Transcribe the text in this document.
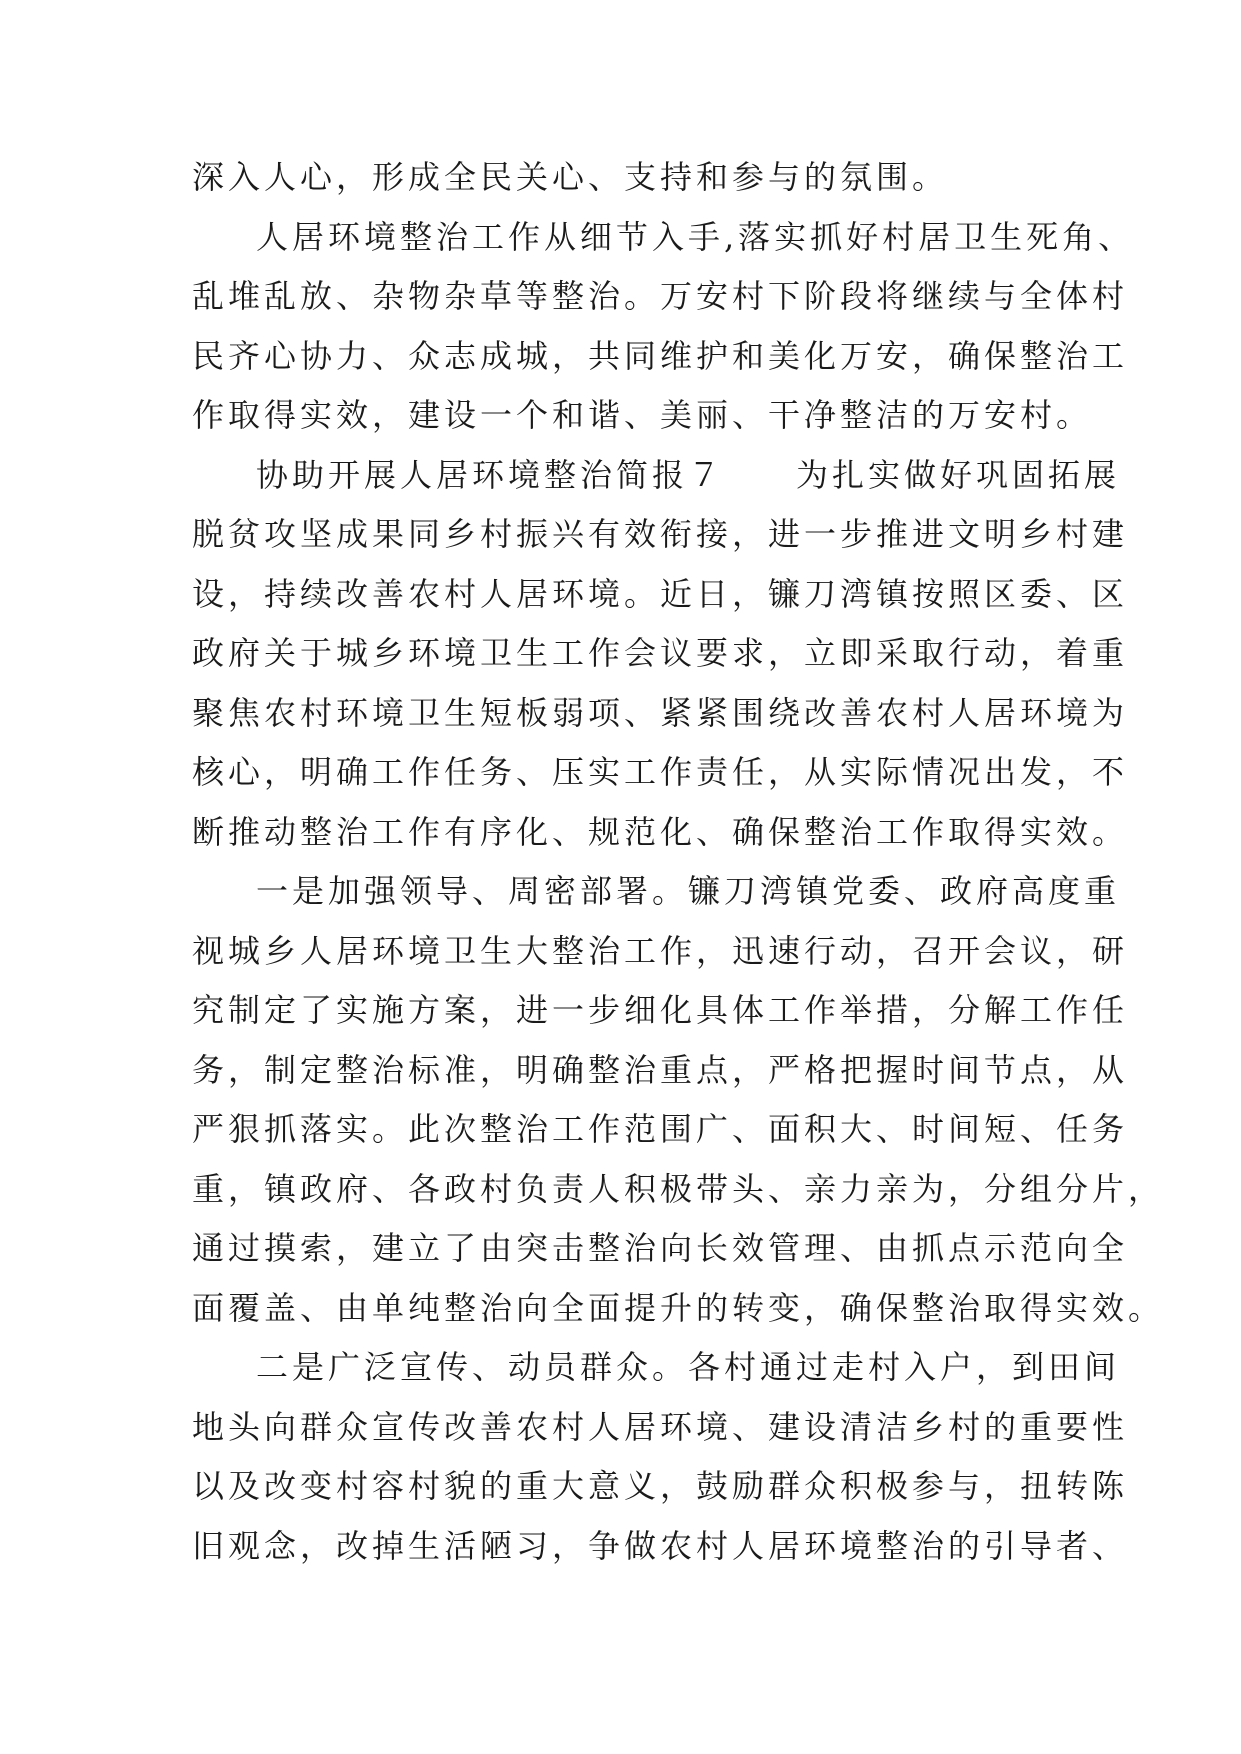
深入人心，形成全民关心、支持和参与的氛围。
人居环境整治工作从细节入手,落实抓好村居卫生死角、
乱堆乱放、杂物杂草等整治。万安村下阶段将继续与全体村
民齐心协力、众志成城，共同维护和美化万安，确保整治工
作取得实效，建设一个和谐、美丽、干净整洁的万安村。
协助开展人居环境整治简报７　　为扎实做好巩固拓展
脱贫攻坚成果同乡村振兴有效衔接，进一步推进文明乡村建
设，持续改善农村人居环境。近日，镰刀湾镇按照区委、区
政府关于城乡环境卫生工作会议要求，立即采取行动，着重
聚焦农村环境卫生短板弱项、紧紧围绕改善农村人居环境为
核心，明确工作任务、压实工作责任，从实际情况出发，不
断推动整治工作有序化、规范化、确保整治工作取得实效。
一是加强领导、周密部署。镰刀湾镇党委、政府高度重
视城乡人居环境卫生大整治工作，迅速行动，召开会议，研
究制定了实施方案，进一步细化具体工作举措，分解工作任
务，制定整治标准，明确整治重点，严格把握时间节点，从
严狠抓落实。此次整治工作范围广、面积大、时间短、任务
重，镇政府、各政村负责人积极带头、亲力亲为，分组分片，
通过摸索，建立了由突击整治向长效管理、由抓点示范向全
面覆盖、由单纯整治向全面提升的转变，确保整治取得实效。
二是广泛宣传、动员群众。各村通过走村入户，到田间
地头向群众宣传改善农村人居环境、建设清洁乡村的重要性
以及改变村容村貌的重大意义，鼓励群众积极参与，扭转陈
旧观念，改掉生活陋习，争做农村人居环境整治的引导者、
